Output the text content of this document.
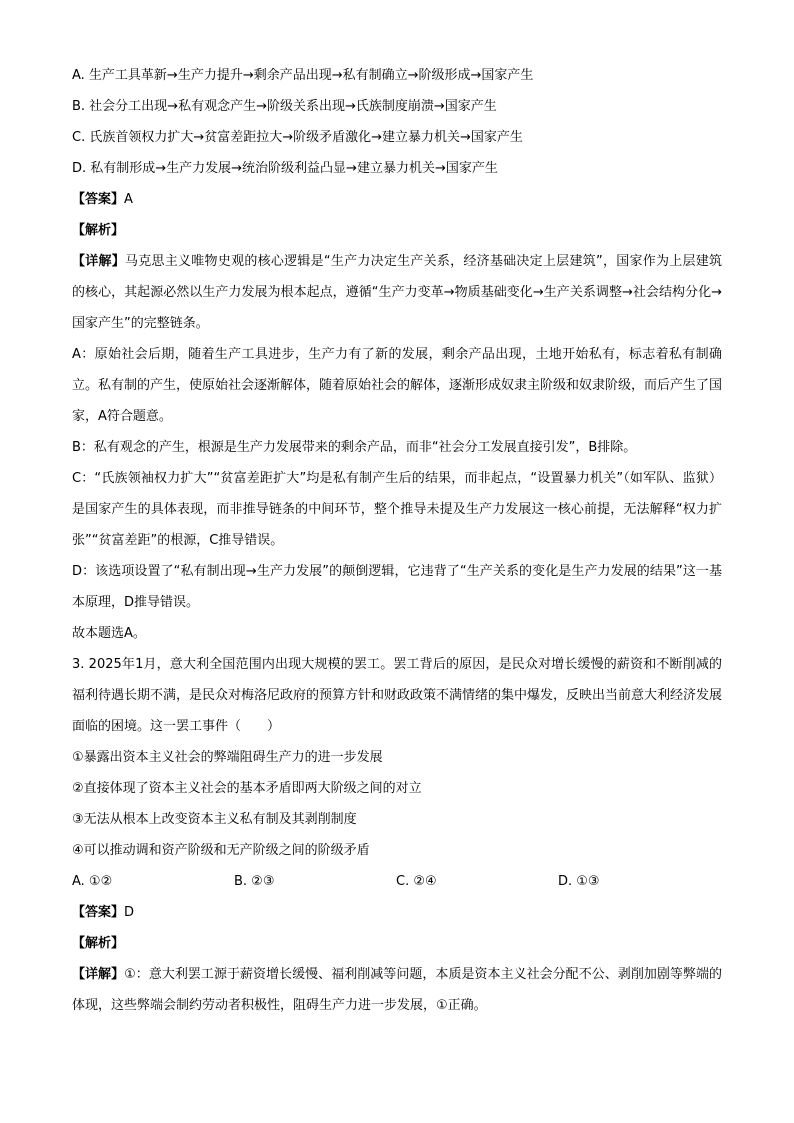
A. 生产工具革新→生产力提升→剩余产品出现→私有制确立→阶级形成→国家产生

B. 社会分工出现→私有观念产生→阶级关系出现→氏族制度崩溃→国家产生

C. 氏族首领权力扩大→贫富差距拉大→阶级矛盾激化→建立暴力机关→国家产生

D. 私有制形成→生产力发展→统治阶级利益凸显→建立暴力机关→国家产生

【答案】A

【解析】

【详解】马克思主义唯物史观的核心逻辑是“生产力决定生产关系，经济基础决定上层建筑”，国家作为上层建筑的核心，其起源必然以生产力发展为根本起点，遵循“生产力变革→物质基础变化→生产关系调整→社会结构分化→国家产生”的完整链条。

A：原始社会后期，随着生产工具进步，生产力有了新的发展，剩余产品出现，土地开始私有，标志着私有制确立。私有制的产生，使原始社会逐渐解体，随着原始社会的解体，逐渐形成奴隶主阶级和奴隶阶级，而后产生了国家，A符合题意。

B：私有观念的产生，根源是生产力发展带来的剩余产品，而非“社会分工发展直接引发”，B排除。

C：“氏族领袖权力扩大”“贫富差距扩大”均是私有制产生后的结果，而非起点，“设置暴力机关”（如军队、监狱）是国家产生的具体表现，而非推导链条的中间环节，整个推导未提及生产力发展这一核心前提，无法解释“权力扩张”“贫富差距”的根源，C推导错误。

D：该选项设置了“私有制出现→生产力发展”的颠倒逻辑，它违背了“生产关系的变化是生产力发展的结果”这一基本原理，D推导错误。

故本题选A。

3. 2025年1月，意大利全国范围内出现大规模的罢工。罢工背后的原因，是民众对增长缓慢的薪资和不断削减的福利待遇长期不满，是民众对梅洛尼政府的预算方针和财政政策不满情绪的集中爆发，反映出当前意大利经济发展面临的困境。这一罢工事件（　　）

①暴露出资本主义社会的弊端阻碍生产力的进一步发展

②直接体现了资本主义社会的基本矛盾即两大阶级之间的对立

③无法从根本上改变资本主义私有制及其剥削制度

④可以推动调和资产阶级和无产阶级之间的阶级矛盾

A. ①②	B. ②③	C. ②④	D. ①③

【答案】D

【解析】

【详解】①：意大利罢工源于薪资增长缓慢、福利削减等问题，本质是资本主义社会分配不公、剥削加剧等弊端的体现，这些弊端会制约劳动者积极性，阻碍生产力进一步发展，①正确。
